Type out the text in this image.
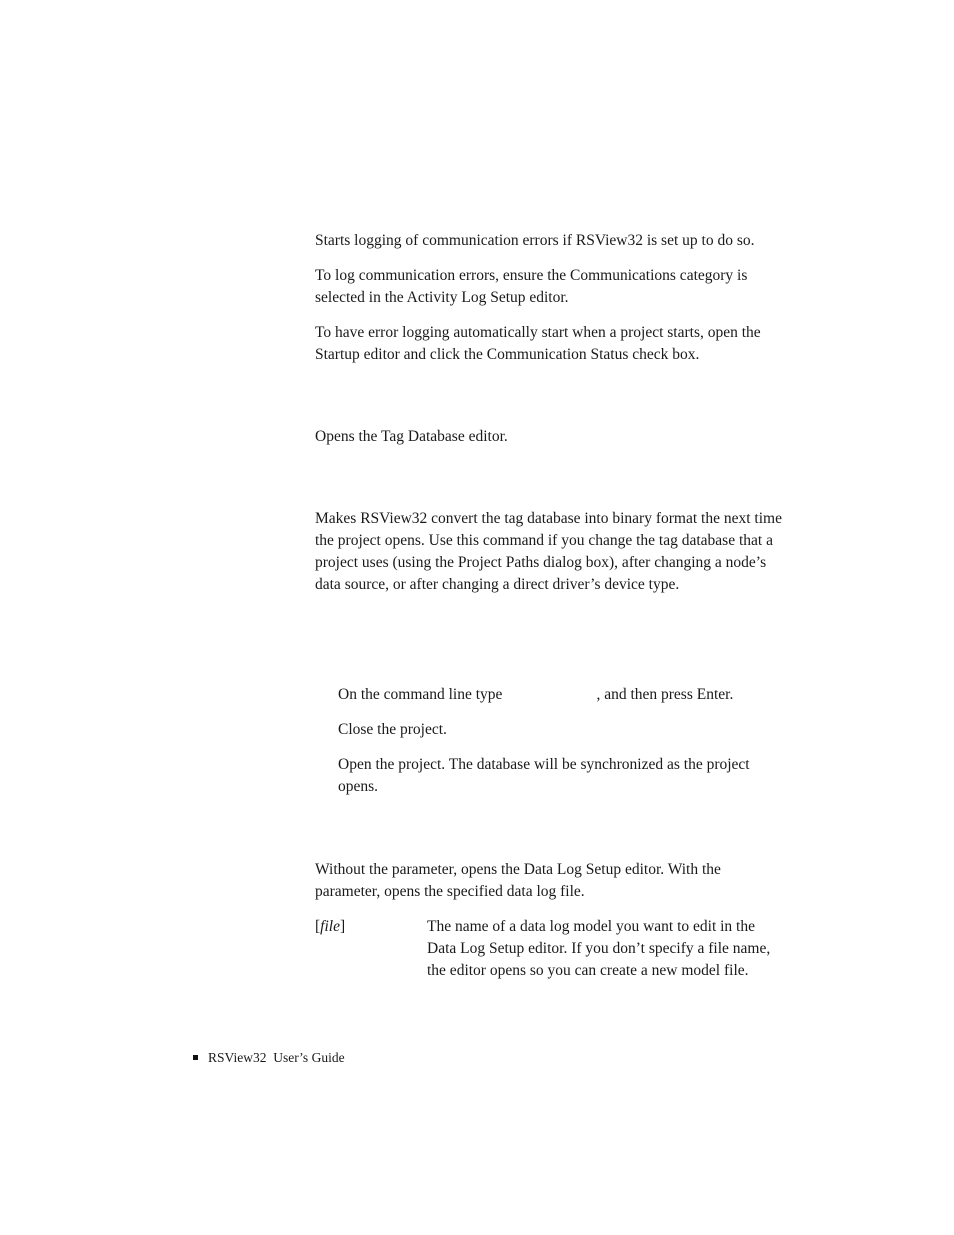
Starts logging of communication errors if RSView32 is set up to do so.

To log communication errors, ensure the Communications category is selected in the Activity Log Setup editor.

To have error logging automatically start when a project starts, open the Startup editor and click the Communication Status check box.

Opens the Tag Database editor.

Makes RSView32 convert the tag database into binary format the next time the project opens. Use this command if you change the tag database that a project uses (using the Project Paths dialog box), after changing a node’s data source, or after changing a direct driver’s device type.

On the command line type	, and then press Enter.

Close the project.

Open the project. The database will be synchronized as the project opens.

Without the parameter, opens the Data Log Setup editor. With the parameter, opens the specified data log file.

[file]	The name of a data log model you want to edit in the Data Log Setup editor. If you don’t specify a file name, the editor opens so you can create a new model file.

RSView32  User’s Guide
